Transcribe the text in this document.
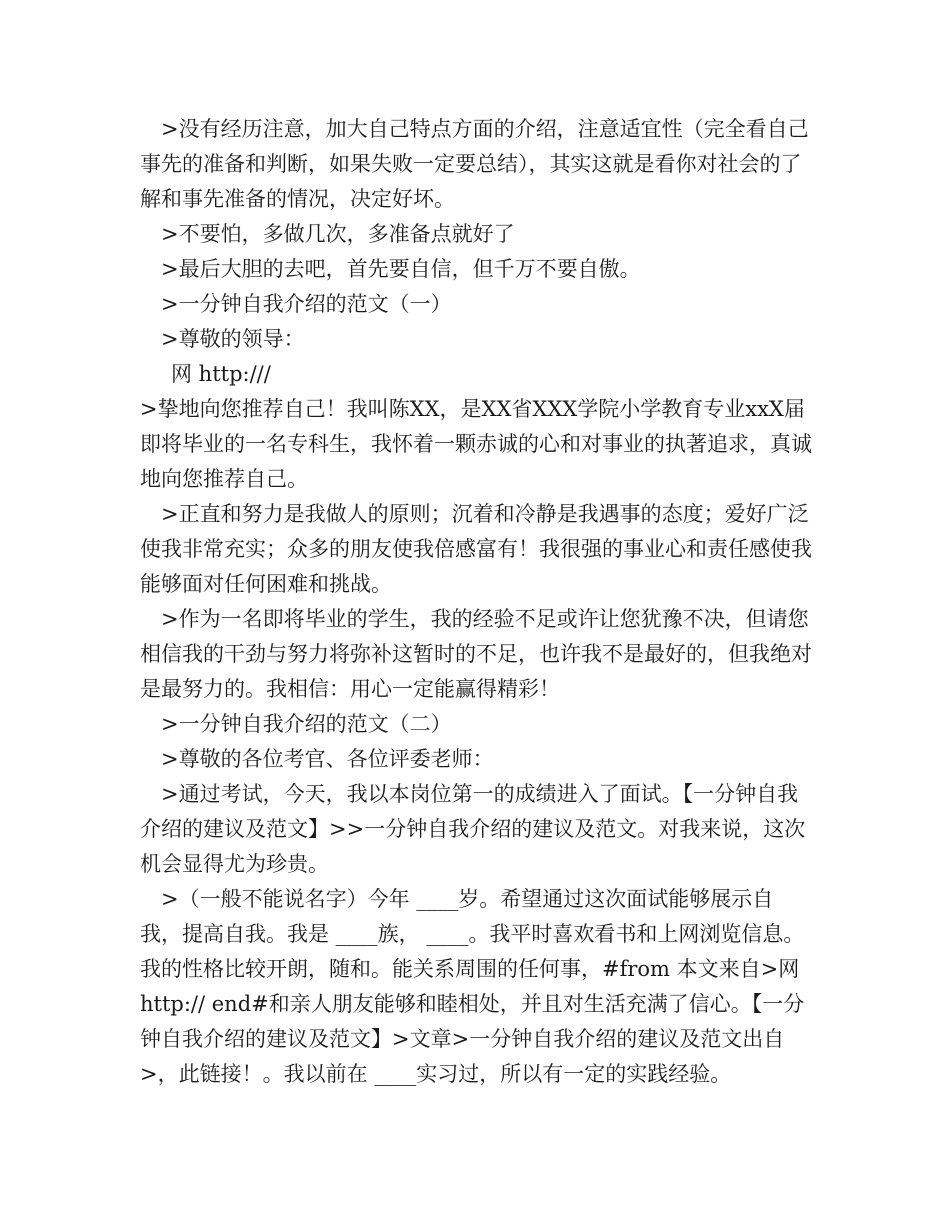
>没有经历注意，加大自己特点方面的介绍，注意适宜性（完全看自己事先的准备和判断，如果失败一定要总结），其实这就是看你对社会的了解和事先准备的情况，决定好坏。

>不要怕，多做几次，多准备点就好了

>最后大胆的去吧，首先要自信，但千万不要自傲。

>一分钟自我介绍的范文（一）

>尊敬的领导：

网 http:///

>挚地向您推荐自己！我叫陈XX，是XX省XXX学院小学教育专业xxX届即将毕业的一名专科生，我怀着一颗赤诚的心和对事业的执著追求，真诚地向您推荐自己。

>正直和努力是我做人的原则；沉着和冷静是我遇事的态度；爱好广泛使我非常充实；众多的朋友使我倍感富有！我很强的事业心和责任感使我能够面对任何困难和挑战。

>作为一名即将毕业的学生，我的经验不足或许让您犹豫不决，但请您相信我的干劲与努力将弥补这暂时的不足，也许我不是最好的，但我绝对是最努力的。我相信：用心一定能赢得精彩！

>一分钟自我介绍的范文（二）

>尊敬的各位考官、各位评委老师：

>通过考试，今天，我以本岗位第一的成绩进入了面试。【一分钟自我介绍的建议及范文】>>一分钟自我介绍的建议及范文。对我来说，这次机会显得尤为珍贵。

>（一般不能说名字）今年 ____岁。希望通过这次面试能够展示自我，提高自我。我是 ____族， ____。我平时喜欢看书和上网浏览信息。我的性格比较开朗，随和。能关系周围的任何事，#from 本文来自>网 http:// end#和亲人朋友能够和睦相处，并且对生活充满了信心。【一分钟自我介绍的建议及范文】>文章>一分钟自我介绍的建议及范文出自>，此链接！。我以前在 ____实习过，所以有一定的实践经验。
